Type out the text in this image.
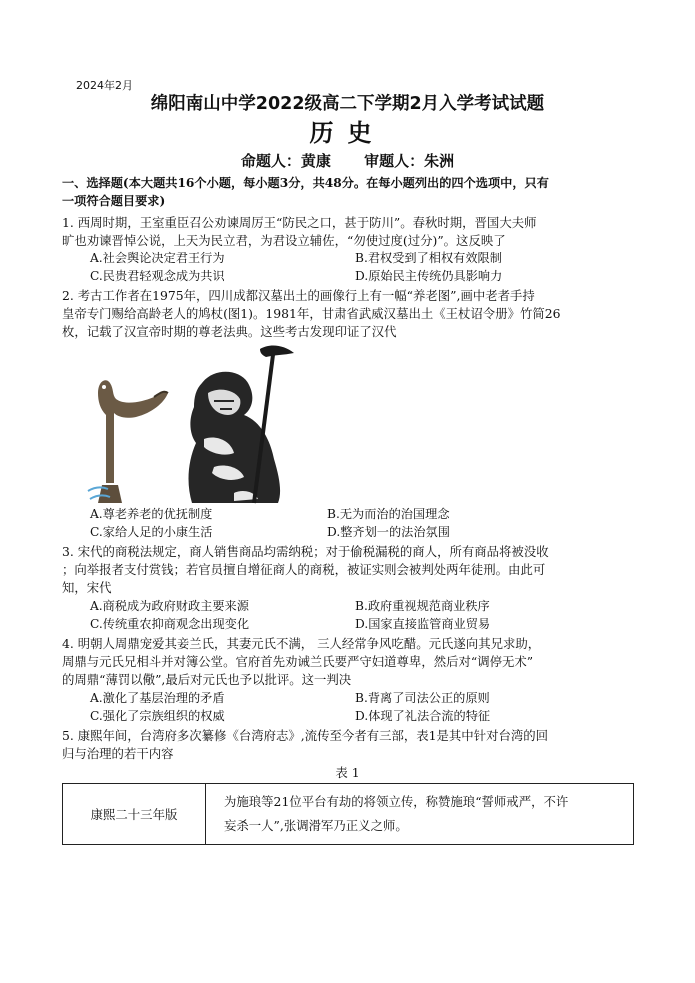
2024年2月
绵阳南山中学2022级高二下学期2月入学考试试题
历史
命题人：黄康 审题人：朱洲
一、选择题(本大题共16个小题，每小题3分，共48分。在每小题列出的四个选项中，只有
一项符合题目要求)
1. 西周时期，王室重臣召公劝谏周厉王“防民之口，甚于防川”。春秋时期，晋国大夫师
旷也劝谏晋悼公说，上天为民立君，为君设立辅佐，“勿使过度(过分)”。这反映了
A.社会舆论决定君王行为	B.君权受到了相权有效限制
C.民贵君轻观念成为共识	D.原始民主传统仍具影响力
2. 考古工作者在1975年，四川成都汉墓出土的画像行上有一幅“养老图”,画中老者手持
皇帝专门赐给高龄老人的鸠杖(图1)。1981年，甘肃省武威汉墓出土《王杖诏令册》竹简26
枚，记载了汉宣帝时期的尊老法典。这些考古发现印证了汉代
A.尊老养老的优抚制度	B.无为而治的治国理念
C.家给人足的小康生活	D.整齐划一的法治氛围
3. 宋代的商税法规定，商人销售商品均需纳税；对于偷税漏税的商人，所有商品将被没收
；向举报者支付赏钱；若官员擅自增征商人的商税，被证实则会被判处两年徒刑。由此可
知，宋代
A.商税成为政府财政主要来源	B.政府重视规范商业秩序
C.传统重农抑商观念出现变化	D.国家直接监管商业贸易
4. 明朝人周鼎宠爱其妾兰氏，其妻元氏不满， 三人经常争风吃醋。元氏遂向其兄求助，
周鼎与元氏兄相斗并对簿公堂。官府首先劝诫兰氏要严守妇道尊卑，然后对“调停无术”
的周鼎“薄罚以儆”,最后对元氏也予以批评。这一判决
A.激化了基层治理的矛盾	B.背离了司法公正的原则
C.强化了宗族组织的权威	D.体现了礼法合流的特征
5. 康熙年间，台湾府多次纂修《台湾府志》,流传至今者有三部，表1是其中针对台湾的回
归与治理的若干内容
表 1
康熙二十三年版	
为施琅等21位平台有劫的将领立传，称赞施琅“誓师戒严，不许
妄杀一人”,张调滑军乃正义之师。
